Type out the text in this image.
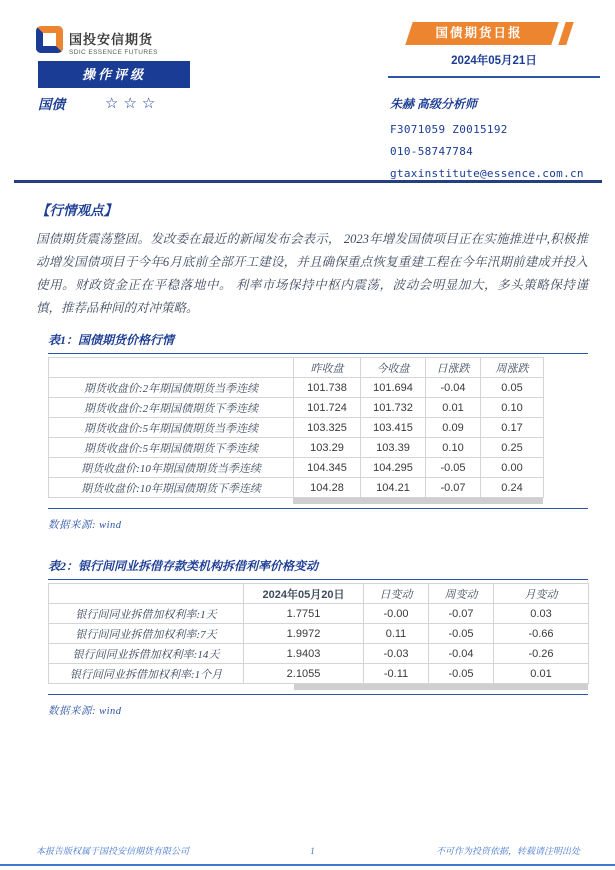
国投安信期货
SDIC ESSENCE FUTURES
操作评级
国债	☆☆☆
国债期货日报
2024年05月21日
朱赫 高级分析师
F3071059 Z0015192
010-58747784
gtaxinstitute@essence.com.cn
【行情观点】

国债期货震荡整固。发改委在最近的新闻发布会表示， 2023年增发国债项目正在实施推进中,积极推动增发国债项目于今年6月底前全部开工建设，并且确保重点恢复重建工程在今年汛期前建成并投入使用。财政资金正在平稳落地中。 利率市场保持中枢内震荡，波动会明显加大，多头策略保持谨慎，推荐品种间的对冲策略。

表1：国债期货价格行情
	昨收盘	今收盘	日涨跌	周涨跌
期货收盘价:2年期国债期货当季连续	101.738	101.694	-0.04	0.05
期货收盘价:2年期国债期货下季连续	101.724	101.732	0.01	0.10
期货收盘价:5年期国债期货当季连续	103.325	103.415	0.09	0.17
期货收盘价:5年期国债期货下季连续	103.29	103.39	0.10	0.25
期货收盘价:10年期国债期货当季连续	104.345	104.295	-0.05	0.00
期货收盘价:10年期国债期货下季连续	104.28	104.21	-0.07	0.24
数据来源: wind
表2：银行间同业拆借存款类机构拆借利率价格变动
	2024年05月20日	日变动	周变动	月变动
银行间同业拆借加权利率:1天	1.7751	-0.00	-0.07	0.03
银行间同业拆借加权利率:7天	1.9972	0.11	-0.05	-0.66
银行间同业拆借加权利率:14天	1.9403	-0.03	-0.04	-0.26
银行间同业拆借加权利率:1个月	2.1055	-0.11	-0.05	0.01
数据来源: wind
本报告版权属于国投安信期货有限公司	1	不可作为投资依据，转载请注明出处
